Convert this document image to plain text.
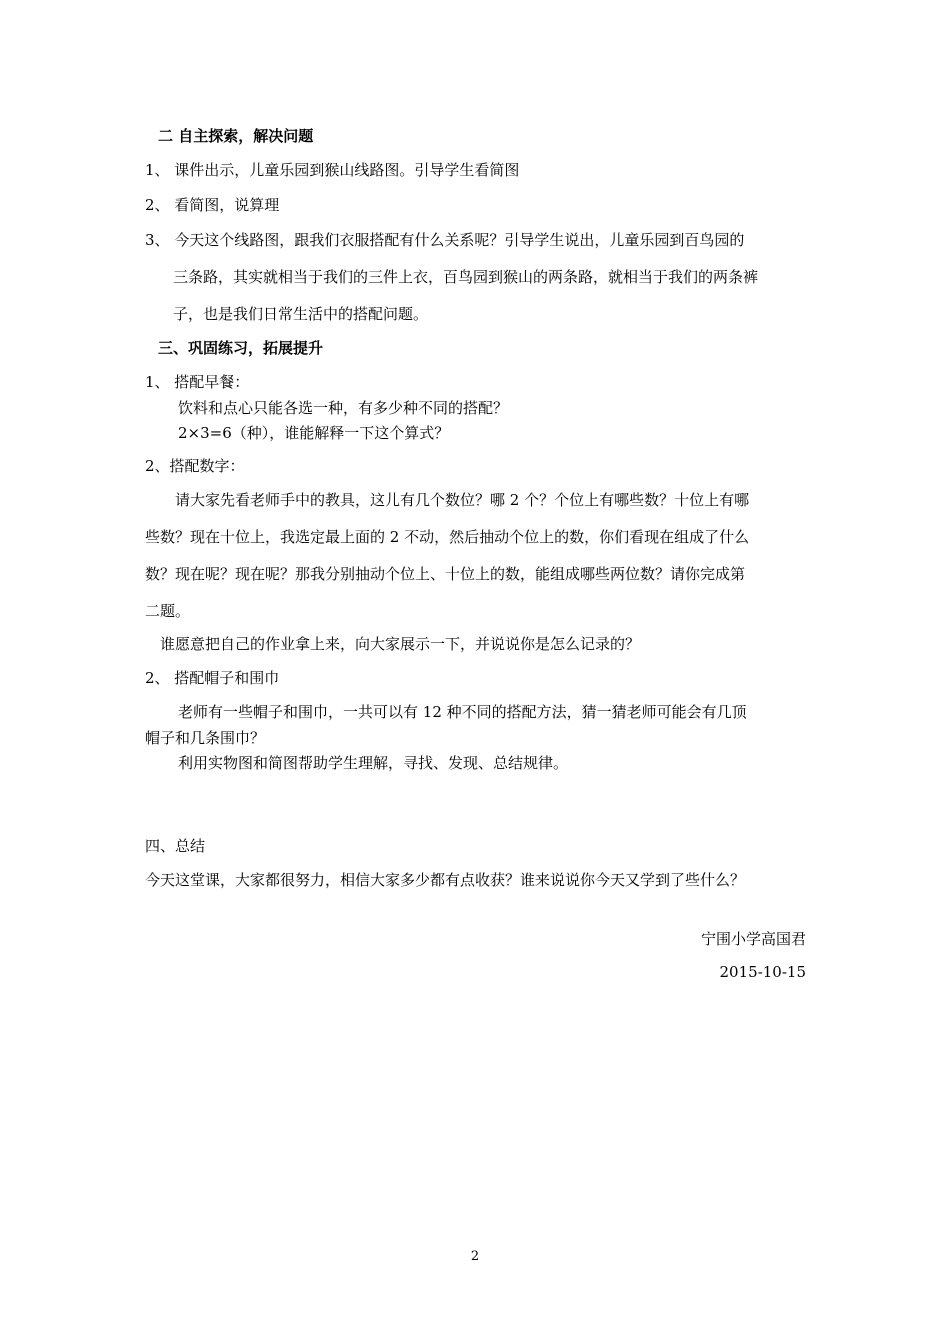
二 自主探索，解决问题
1、 课件出示，儿童乐园到猴山线路图。引导学生看简图
2、 看简图，说算理
3、 今天这个线路图，跟我们衣服搭配有什么关系呢？引导学生说出，儿童乐园到百鸟园的
三条路，其实就相当于我们的三件上衣，百鸟园到猴山的两条路，就相当于我们的两条裤
子，也是我们日常生活中的搭配问题。
三、巩固练习，拓展提升
1、 搭配早餐：
饮料和点心只能各选一种，有多少种不同的搭配？
2×3=6（种），谁能解释一下这个算式？
2、搭配数字：
请大家先看老师手中的教具，这儿有几个数位？哪 2 个？个位上有哪些数？十位上有哪
些数？现在十位上，我选定最上面的 2 不动，然后抽动个位上的数，你们看现在组成了什么
数？现在呢？现在呢？那我分别抽动个位上、十位上的数，能组成哪些两位数？请你完成第
二题。
谁愿意把自己的作业拿上来，向大家展示一下，并说说你是怎么记录的？
2、 搭配帽子和围巾
老师有一些帽子和围巾，一共可以有 12 种不同的搭配方法，猜一猜老师可能会有几顶
帽子和几条围巾？
利用实物图和简图帮助学生理解，寻找、发现、总结规律。
四、总结
今天这堂课，大家都很努力，相信大家多少都有点收获？谁来说说你今天又学到了些什么？
宁围小学高国君
2015-10-15
2
